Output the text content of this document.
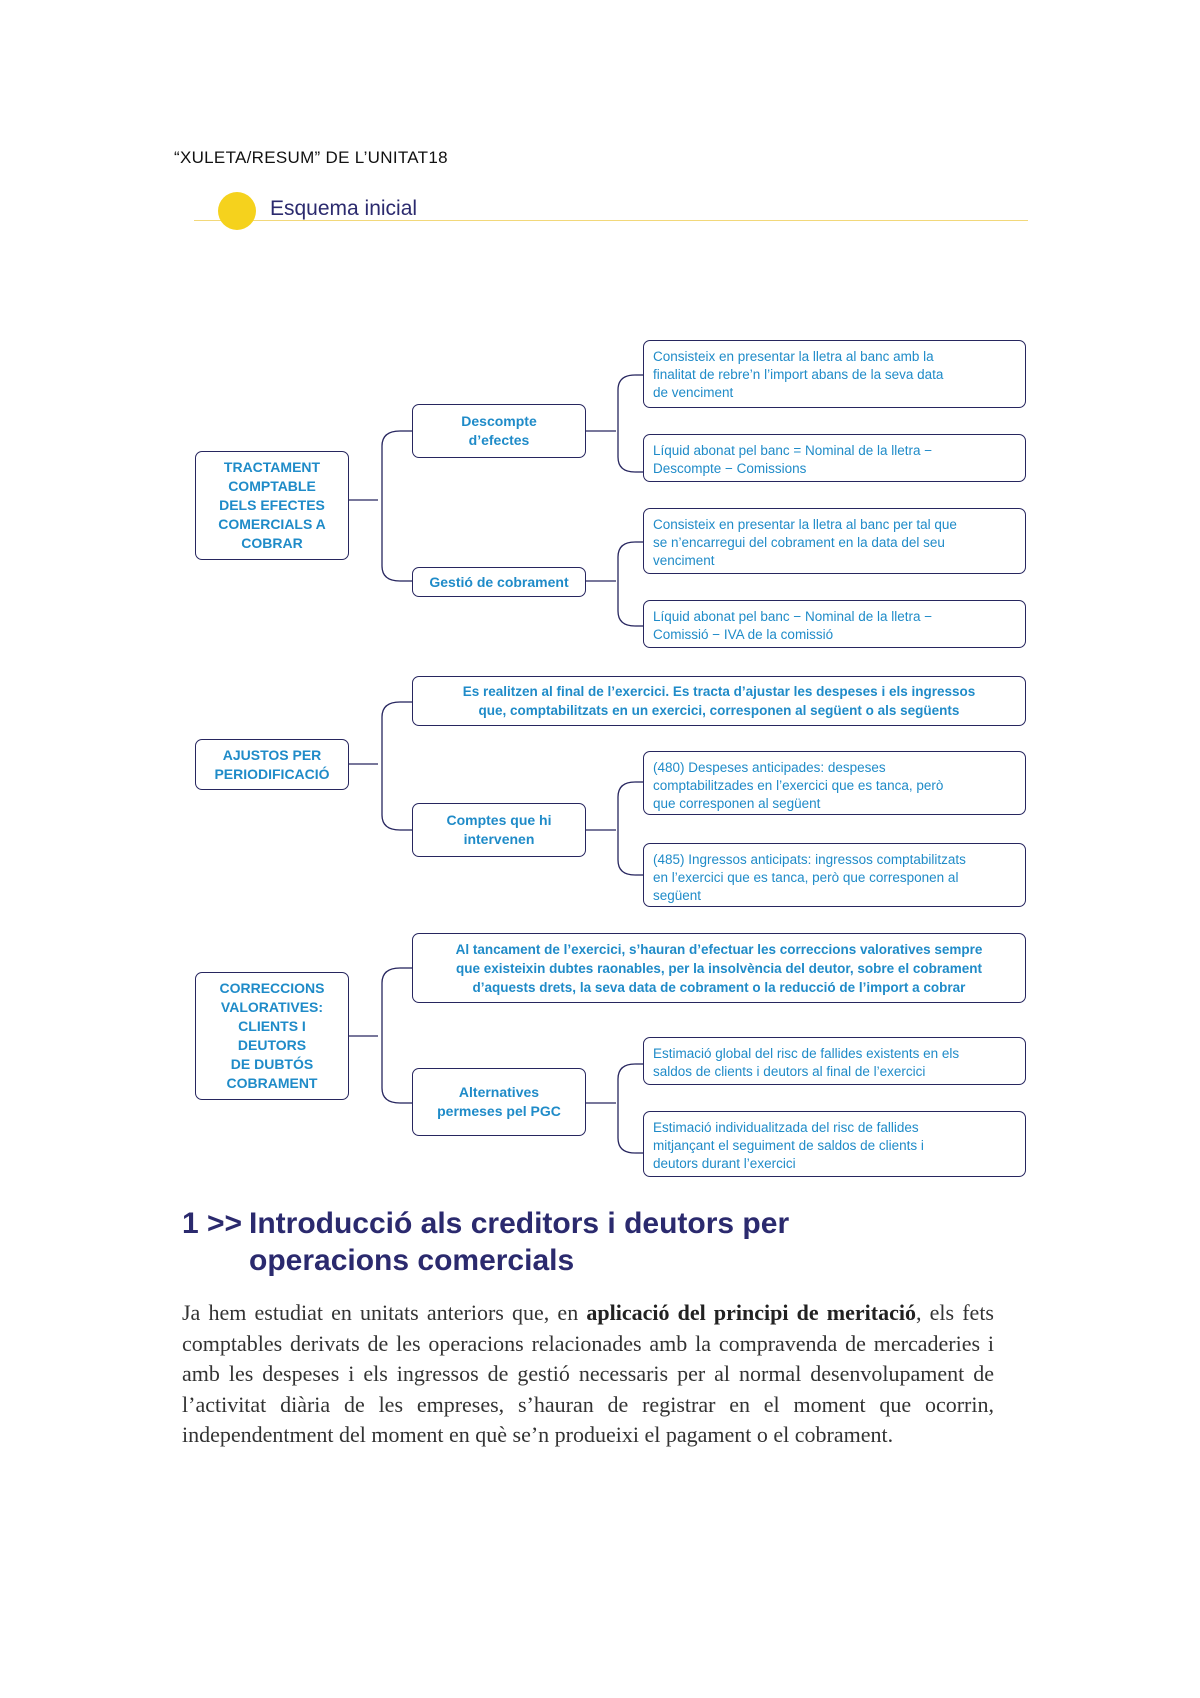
“XULETA/RESUM” DE L’UNITAT18
Esquema inicial
TRACTAMENT
COMPTABLE
DELS EFECTES
COMERCIALS A
COBRAR
Descompte
d’efectes
Consisteix en presentar la lletra al banc amb la
finalitat de rebre’n l’import abans de la seva data
de venciment
Líquid abonat pel banc = Nominal de la lletra −
Descompte − Comissions
Gestió de cobrament
Consisteix en presentar la lletra al banc per tal que
se n’encarregui del cobrament en la data del seu
venciment
Líquid abonat pel banc − Nominal de la lletra −
Comissió − IVA de la comissió
AJUSTOS PER
PERIODIFICACIÓ
Es realitzen al final de l’exercici. Es tracta d’ajustar les despeses i els ingressos
que, comptabilitzats en un exercici, corresponen al següent o als següents
Comptes que hi
intervenen
(480) Despeses anticipades: despeses
comptabilitzades en l’exercici que es tanca, però
que corresponen al següent
(485) Ingressos anticipats: ingressos comptabilitzats
en l’exercici que es tanca, però que corresponen al
següent
CORRECCIONS
VALORATIVES:
CLIENTS I
DEUTORS
DE DUBTÓS
COBRAMENT
Al tancament de l’exercici, s’hauran d’efectuar les correccions valoratives sempre
que existeixin dubtes raonables, per la insolvència del deutor, sobre el cobrament
d’aquests drets, la seva data de cobrament o la reducció de l’import a cobrar
Alternatives
permeses pel PGC
Estimació global del risc de fallides existents en els
saldos de clients i deutors al final de l’exercici
Estimació individualitzada del risc de fallides
mitjançant el seguiment de saldos de clients i
deutors durant l’exercici
1 >> Introducció als creditors i deutors per
operacions comercials
Ja hem estudiat en unitats anteriors que, en aplicació del principi de meritació, els fets comptables derivats de les operacions relacionades amb la compravenda de mercaderies i amb les despeses i els ingressos de gestió necessaris per al normal desenvolupament de l’activitat diària de les empreses, s’hauran de registrar en el moment que ocorrin, independentment del moment en què se’n produeixi el pagament o el cobrament.
